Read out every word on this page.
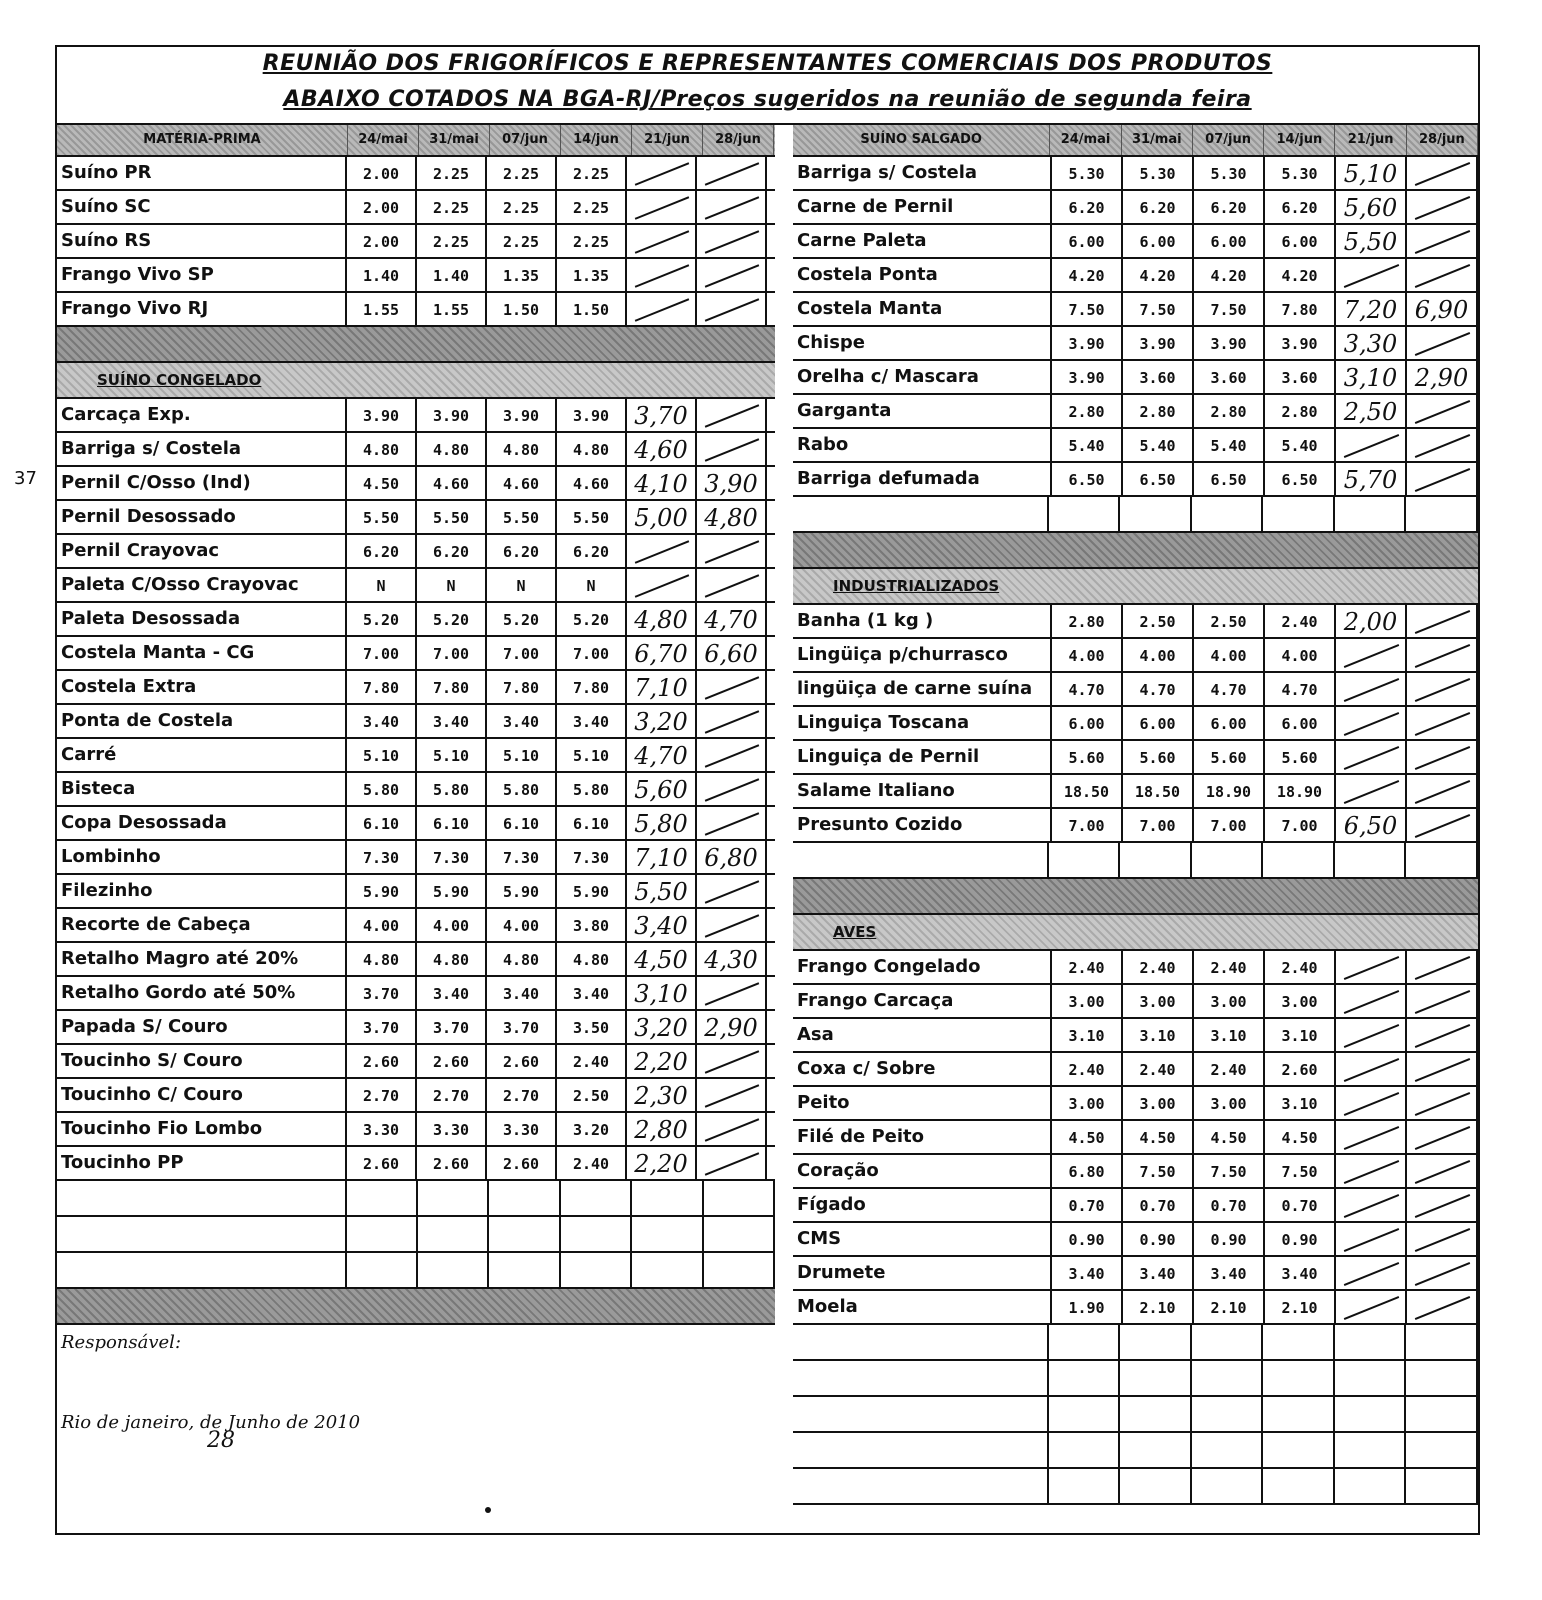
REUNIÃO DOS FRIGORÍFICOS E REPRESENTANTES COMERCIAIS DOS PRODUTOS
ABAIXO COTADOS NA BGA-RJ/Preços sugeridos na reunião de segunda feira
37
MATÉRIA-PRIMA	24/mai	31/mai	07/jun	14/jun	21/jun	28/jun
Suíno PR	2.00	2.25	2.25	2.25
Suíno SC	2.00	2.25	2.25	2.25
Suíno RS	2.00	2.25	2.25	2.25
Frango Vivo SP	1.40	1.40	1.35	1.35
Frango Vivo RJ	1.55	1.55	1.50	1.50
SUÍNO CONGELADO
Carcaça Exp.	3.90	3.90	3.90	3.90	3,70
Barriga s/ Costela	4.80	4.80	4.80	4.80	4,60
Pernil C/Osso (Ind)	4.50	4.60	4.60	4.60	4,10 3,90
Pernil Desossado	5.50	5.50	5.50	5.50	5,00 4,80
Pernil Crayovac	6.20	6.20	6.20	6.20
Paleta C/Osso Crayovac	N	N	N	N
Paleta Desossada	5.20	5.20	5.20	5.20	4,80 4,70
Costela Manta - CG	7.00	7.00	7.00	7.00	6,70 6,60
Costela Extra	7.80	7.80	7.80	7.80	7,10
Ponta de Costela	3.40	3.40	3.40	3.40	3,20
Carré	5.10	5.10	5.10	5.10	4,70
Bisteca	5.80	5.80	5.80	5.80	5,60
Copa Desossada	6.10	6.10	6.10	6.10	5,80
Lombinho	7.30	7.30	7.30	7.30	7,10 6,80
Filezinho	5.90	5.90	5.90	5.90	5,50
Recorte de Cabeça	4.00	4.00	4.00	3.80	3,40
Retalho Magro até 20%	4.80	4.80	4.80	4.80	4,50 4,30
Retalho Gordo até 50%	3.70	3.40	3.40	3.40	3,10
Papada S/ Couro	3.70	3.70	3.70	3.50	3,20 2,90
Toucinho S/ Couro	2.60	2.60	2.60	2.40	2,20
Toucinho C/ Couro	2.70	2.70	2.70	2.50	2,30
Toucinho Fio Lombo	3.30	3.30	3.30	3.20	2,80
Toucinho PP	2.60	2.60	2.60	2.40	2,20
SUÍNO SALGADO	24/mai	31/mai	07/jun	14/jun	21/jun	28/jun
Barriga s/ Costela	5.30	5.30	5.30	5.30	5,10
Carne de Pernil	6.20	6.20	6.20	6.20	5,60
Carne Paleta	6.00	6.00	6.00	6.00	5,50
Costela Ponta	4.20	4.20	4.20	4.20
Costela Manta	7.50	7.50	7.50	7.80	7,20 6,90
Chispe	3.90	3.90	3.90	3.90	3,30
Orelha c/ Mascara	3.90	3.60	3.60	3.60	3,10 2,90
Garganta	2.80	2.80	2.80	2.80	2,50
Rabo	5.40	5.40	5.40	5.40
Barriga defumada	6.50	6.50	6.50	6.50	5,70
INDUSTRIALIZADOS
Banha (1 kg )	2.80	2.50	2.50	2.40	2,00
Lingüiça p/churrasco	4.00	4.00	4.00	4.00
lingüiça de carne suína	4.70	4.70	4.70	4.70
Linguiça Toscana	6.00	6.00	6.00	6.00
Linguiça de Pernil	5.60	5.60	5.60	5.60
Salame Italiano	18.50	18.50	18.90	18.90
Presunto Cozido	7.00	7.00	7.00	7.00	6,50
AVES
Frango Congelado	2.40	2.40	2.40	2.40
Frango Carcaça	3.00	3.00	3.00	3.00
Asa	3.10	3.10	3.10	3.10
Coxa c/ Sobre	2.40	2.40	2.40	2.60
Peito	3.00	3.00	3.00	3.10
Filé de Peito	4.50	4.50	4.50	4.50
Coração	6.80	7.50	7.50	7.50
Fígado	0.70	0.70	0.70	0.70
CMS	0.90	0.90	0.90	0.90
Drumete	3.40	3.40	3.40	3.40
Moela	1.90	2.10	2.10	2.10
Responsável:
Rio de janeiro, de Junho de 2010
28
